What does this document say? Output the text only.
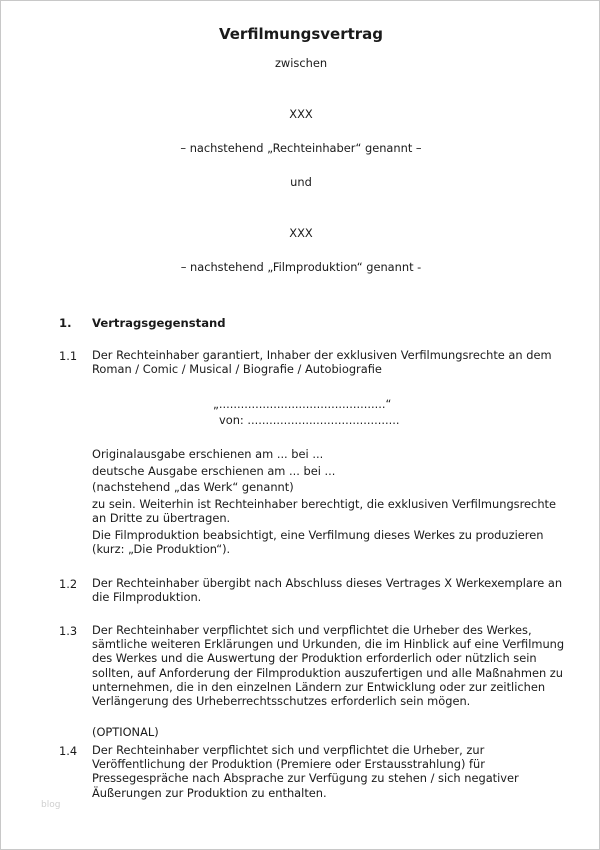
Verfilmungsvertrag
zwischen
XXX
– nachstehend „Rechteinhaber“ genannt –
und
XXX
– nachstehend „Filmproduktion“ genannt -
1. Vertragsgegenstand
1.1 Der Rechteinhaber garantiert, Inhaber der exklusiven Verfilmungsrechte an dem
Roman / Comic / Musical / Biografie / Autobiografie
„..............................................“
von: ..........................................
Originalausgabe erschienen am ... bei ...
deutsche Ausgabe erschienen am ... bei ...
(nachstehend „das Werk“ genannt)
zu sein. Weiterhin ist Rechteinhaber berechtigt, die exklusiven Verfilmungsrechte
an Dritte zu übertragen.
Die Filmproduktion beabsichtigt, eine Verfilmung dieses Werkes zu produzieren
(kurz: „Die Produktion“).
1.2 Der Rechteinhaber übergibt nach Abschluss dieses Vertrages X Werkexemplare an
die Filmproduktion.
1.3 Der Rechteinhaber verpflichtet sich und verpflichtet die Urheber des Werkes,
sämtliche weiteren Erklärungen und Urkunden, die im Hinblick auf eine Verfilmung
des Werkes und die Auswertung der Produktion erforderlich oder nützlich sein
sollten, auf Anforderung der Filmproduktion auszufertigen und alle Maßnahmen zu
unternehmen, die in den einzelnen Ländern zur Entwicklung oder zur zeitlichen
Verlängerung des Urheberrechtsschutzes erforderlich sein mögen.
(OPTIONAL)
1.4 Der Rechteinhaber verpflichtet sich und verpflichtet die Urheber, zur
Veröffentlichung der Produktion (Premiere oder Erstausstrahlung) für
Pressegespräche nach Absprache zur Verfügung zu stehen / sich negativer
Äußerungen zur Produktion zu enthalten.
blog
